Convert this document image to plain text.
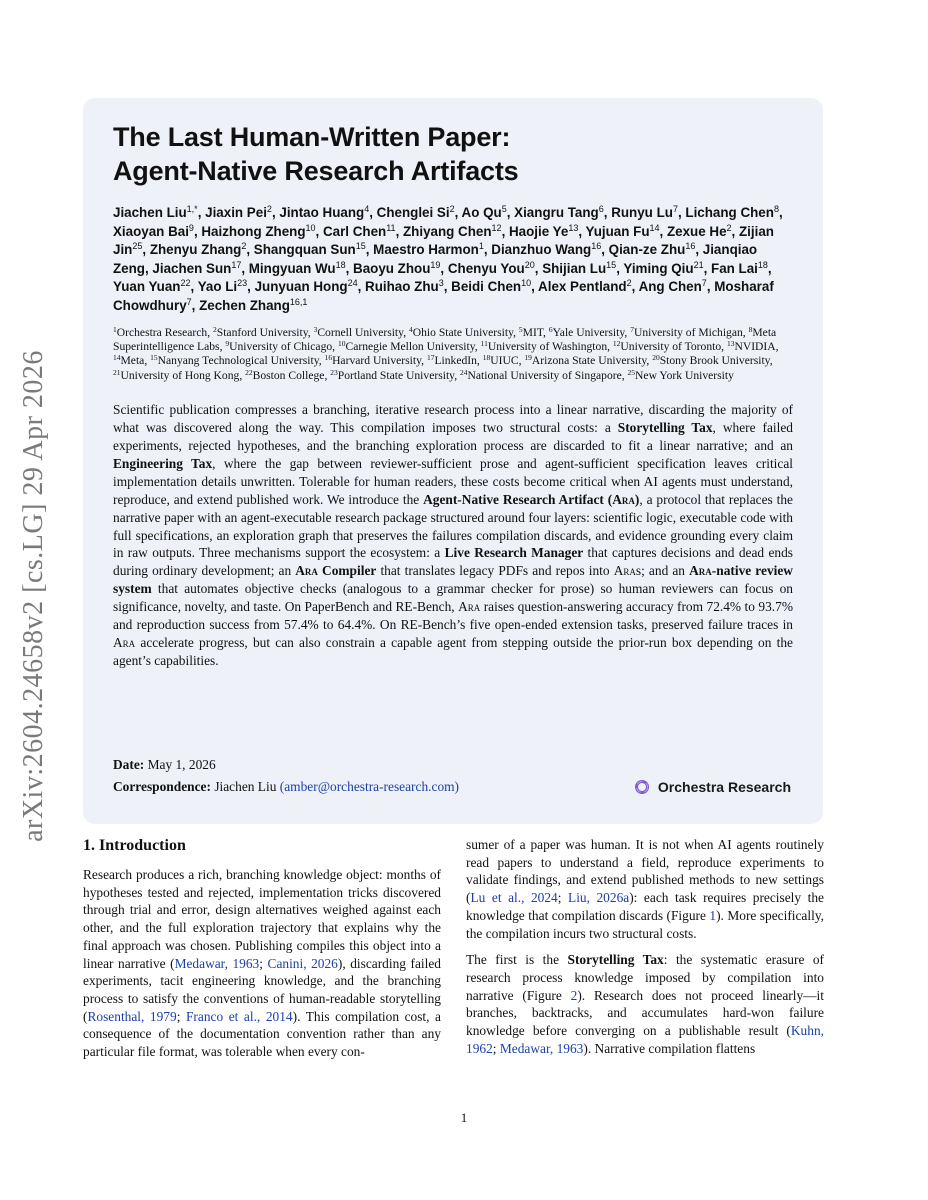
arXiv:2604.24658v2 [cs.LG] 29 Apr 2026
The Last Human-Written Paper:
Agent-Native Research Artifacts
Jiachen Liu$^{1,*}$, Jiaxin Pei$^2$, Jintao Huang$^4$, Chenglei Si$^2$, Ao Qu$^5$, Xiangru Tang$^6$, Runyu Lu$^7$, Lichang Chen$^8$, Xiaoyan Bai$^9$, Haizhong Zheng$^{10}$, Carl Chen$^{11}$, Zhiyang Chen$^{12}$, Haojie Ye$^{13}$, Yujuan Fu$^{14}$, Zexue He$^2$, Zijian Jin$^{25}$, Zhenyu Zhang$^2$, Shangquan Sun$^{15}$, Maestro Harmon$^1$, Dianzhuo Wang$^{16}$, Qian-ze Zhu$^{16}$, Jianqiao Zeng, Jiachen Sun$^{17}$, Mingyuan Wu$^{18}$, Baoyu Zhou$^{19}$, Chenyu You$^{20}$, Shijian Lu$^{15}$, Yiming Qiu$^{21}$, Fan Lai$^{18}$, Yuan Yuan$^{22}$, Yao Li$^{23}$, Junyuan Hong$^{24}$, Ruihao Zhu$^3$, Beidi Chen$^{10}$, Alex Pentland$^2$, Ang Chen$^7$, Mosharaf Chowdhury$^7$, Zechen Zhang$^{16,1}$
$^1$Orchestra Research, $^2$Stanford University, $^3$Cornell University, $^4$Ohio State University, $^5$MIT, $^6$Yale University, $^7$University of Michigan, $^8$Meta Superintelligence Labs, $^9$University of Chicago, $^{10}$Carnegie Mellon University, $^{11}$University of Washington, $^{12}$University of Toronto, $^{13}$NVIDIA, $^{14}$Meta, $^{15}$Nanyang Technological University, $^{16}$Harvard University, $^{17}$LinkedIn, $^{18}$UIUC, $^{19}$Arizona State University, $^{20}$Stony Brook University, $^{21}$University of Hong Kong, $^{22}$Boston College, $^{23}$Portland State University, $^{24}$National University of Singapore, $^{25}$New York University
Scientific publication compresses a branching, iterative research process into a linear narrative, discarding the majority of what was discovered along the way. This compilation imposes two structural costs: a Storytelling Tax, where failed experiments, rejected hypotheses, and the branching exploration process are discarded to fit a linear narrative; and an Engineering Tax, where the gap between reviewer-sufficient prose and agent-sufficient specification leaves critical implementation details unwritten. Tolerable for human readers, these costs become critical when AI agents must understand, reproduce, and extend published work. We introduce the Agent-Native Research Artifact (Ara), a protocol that replaces the narrative paper with an agent-executable research package structured around four layers: scientific logic, executable code with full specifications, an exploration graph that preserves the failures compilation discards, and evidence grounding every claim in raw outputs. Three mechanisms support the ecosystem: a Live Research Manager that captures decisions and dead ends during ordinary development; an Ara Compiler that translates legacy PDFs and repos into Aras; and an Ara-native review system that automates objective checks (analogous to a grammar checker for prose) so human reviewers can focus on significance, novelty, and taste. On PaperBench and RE-Bench, Ara raises question-answering accuracy from 72.4% to 93.7% and reproduction success from 57.4% to 64.4%. On RE-Bench’s five open-ended extension tasks, preserved failure traces in Ara accelerate progress, but can also constrain a capable agent from stepping outside the prior-run box depending on the agent’s capabilities.
Date: May 1, 2026
Correspondence: Jiachen Liu (amber@orchestra-research.com)	Orchestra Research
1. Introduction

Research produces a rich, branching knowledge object: months of hypotheses tested and rejected, implementation tricks discovered through trial and error, design alternatives weighed against each other, and the full exploration trajectory that explains why the final approach was chosen. Publishing compiles this object into a linear narrative (Medawar, 1963; Canini, 2026), discarding failed experiments, tacit engineering knowledge, and the branching process to satisfy the conventions of human-readable storytelling (Rosenthal, 1979; Franco et al., 2014). This compilation cost, a consequence of the documentation convention rather than any particular file format, was tolerable when every con-

sumer of a paper was human. It is not when AI agents routinely read papers to understand a field, reproduce experiments to validate findings, and extend published methods to new settings (Lu et al., 2024; Liu, 2026a): each task requires precisely the knowledge that compilation discards (Figure 1). More specifically, the compilation incurs two structural costs.

The first is the Storytelling Tax: the systematic erasure of research process knowledge imposed by compilation into narrative (Figure 2). Research does not proceed linearly—it branches, backtracks, and accumulates hard-won failure knowledge before converging on a publishable result (Kuhn, 1962; Medawar, 1963). Narrative compilation flattens

1
